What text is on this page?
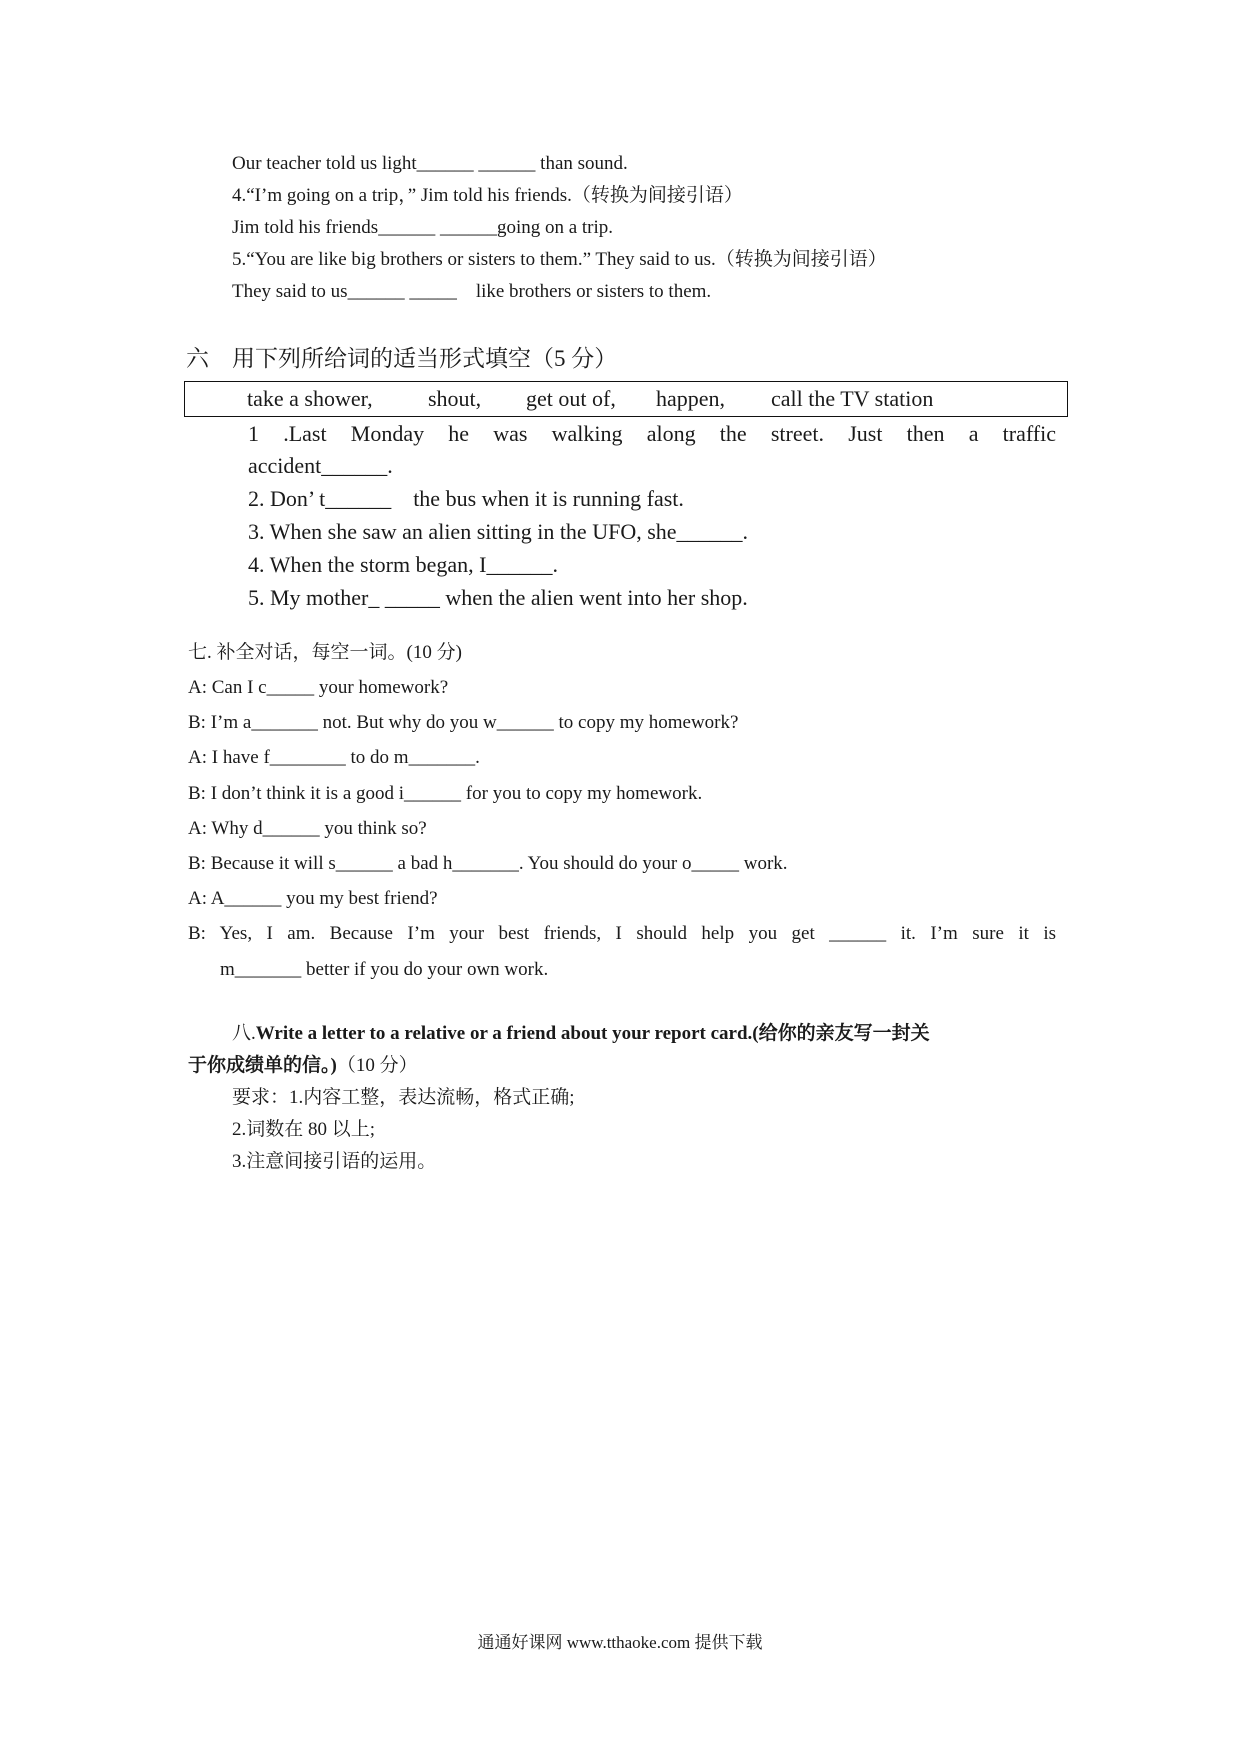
Our teacher told us light______ ______ than sound.
4.“I’m going on a trip，” Jim told his friends.（转换为间接引语）
Jim told his friends______ ______going on a trip.
5.“You are like big brothers or sisters to them.” They said to us.（转换为间接引语）
They said to us______ _____    like brothers or sisters to them.
六    用下列所给词的适当形式填空（5 分）
take a shower,	shout, get out of, happen, call the TV station
1 .Last Monday he was walking along the street. Just then a traffic
accident______.
2. Don’ t______    the bus when it is running fast.
3. When she saw an alien sitting in the UFO, she______.
4. When the storm began, I______.
5. My mother_ _____ when the alien went into her shop.
七. 补全对话，每空一词。(10 分)
A: Can I c_____ your homework?
B: I’m a_______ not. But why do you w______ to copy my homework?
A: I have f________ to do m_______.
B: I don’t think it is a good i______ for you to copy my homework.
A: Why d______ you think so?
B: Because it will s______ a bad h_______. You should do your o_____ work.
A: A______ you my best friend?
B: Yes, I am. Because I’m your best friends, I should help you get ______ it. I’m sure it is
m_______ better if you do your own work.
八.Write a letter to a relative or a friend about your report card.(给你的亲友写一封关
于你成绩单的信。)（10 分）
要求：1.内容工整，表达流畅，格式正确;
2.词数在 80 以上;
3.注意间接引语的运用。
通通好课网 www.tthaoke.com 提供下载
